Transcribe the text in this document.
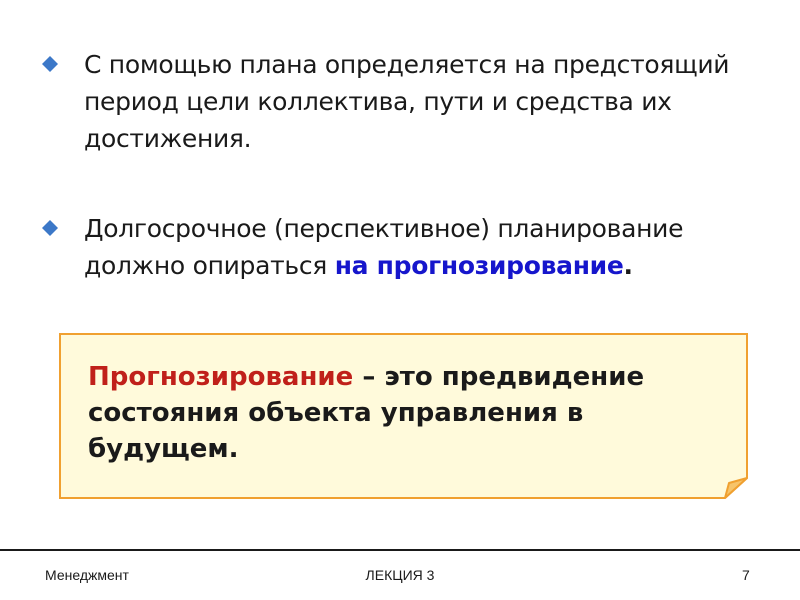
С помощью плана определяется на предстоящий период цели коллектива, пути и средства их достижения.
Долгосрочное (перспективное) планирование должно опираться на прогнозирование.
Прогнозирование – это предвидение состояния объекта управления в будущем.
Менеджмент	ЛЕКЦИЯ 3	7
